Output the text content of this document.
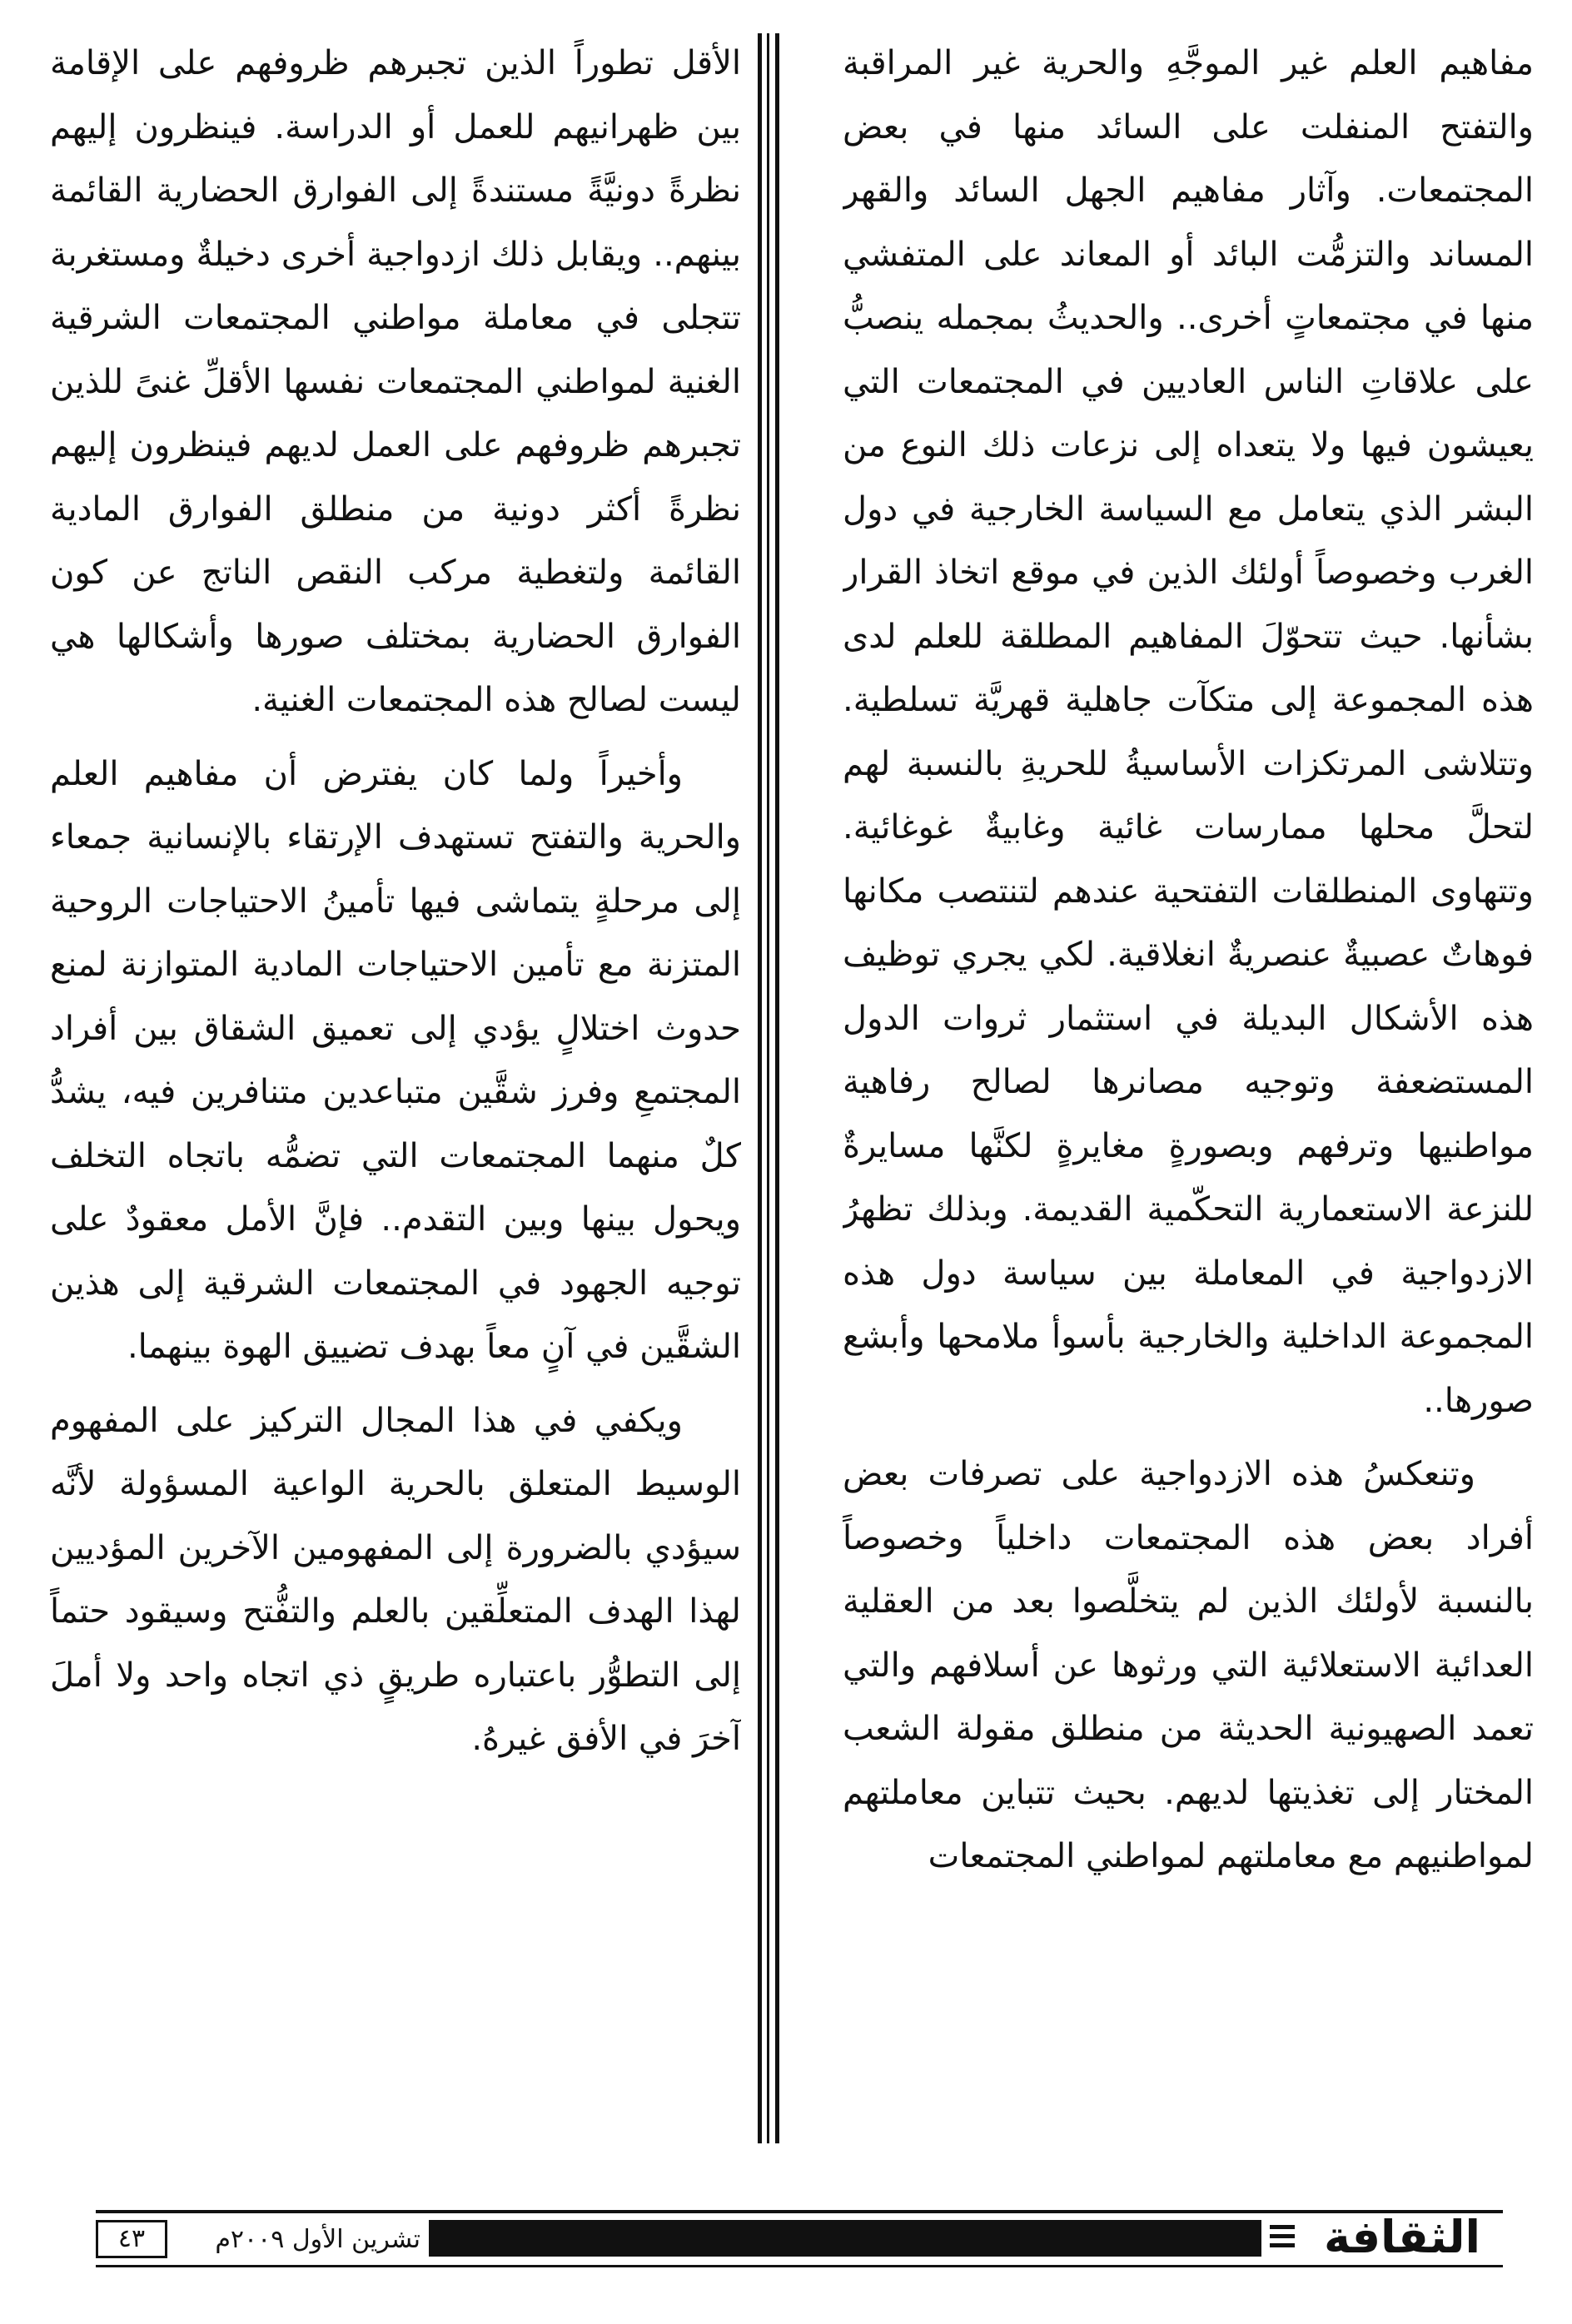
مفاهيم العلم غير الموجَّهِ والحرية غير المراقبة والتفتح المنفلت على السائد منها في بعض المجتمعات. وآثار مفاهيم الجهل السائد والقهر المساند والتزمُّت البائد أو المعاند على المتفشي منها في مجتمعاتٍ أخرى.. والحديثُ بمجمله ينصبُّ على علاقاتِ الناس العاديين في المجتمعات التي يعيشون فيها ولا يتعداه إلى نزعات ذلك النوع من البشر الذي يتعامل مع السياسة الخارجية في دول الغرب وخصوصاً أولئك الذين في موقع اتخاذ القرار بشأنها. حيث تتحوّلَ المفاهيم المطلقة للعلم لدى هذه المجموعة إلى متكآت جاهلية قهريَّة تسلطية. وتتلاشى المرتكزات الأساسيةُ للحريةِ بالنسبة لهم لتحلَّ محلها ممارسات غائية وغابيةٌ غوغائية. وتتهاوى المنطلقات التفتحية عندهم لتنتصب مكانها فوهاتٌ عصبيةٌ عنصريةٌ انغلاقية. لكي يجري توظيف هذه الأشكال البديلة في استثمار ثروات الدول المستضعفة وتوجيه مصانرها لصالح رفاهية مواطنيها وترفهم وبصورةٍ مغايرةٍ لكنَّها مسايرةٌ للنزعة الاستعمارية التحكّمية القديمة. وبذلك تظهرُ الازدواجية في المعاملة بين سياسة دول هذه المجموعة الداخلية والخارجية بأسوأ ملامحها وأبشع صورها..

وتنعكسُ هذه الازدواجية على تصرفات بعض أفراد بعض هذه المجتمعات داخلياً وخصوصاً بالنسبة لأولئك الذين لم يتخلَّصوا بعد من العقلية العدائية الاستعلائية التي ورثوها عن أسلافهم والتي تعمد الصهيونية الحديثة من منطلق مقولة الشعب المختار إلى تغذيتها لديهم. بحيث تتباين معاملتهم لمواطنيهم مع معاملتهم لمواطني المجتمعات

الأقل تطوراً الذين تجبرهم ظروفهم على الإقامة بين ظهرانيهم للعمل أو الدراسة. فينظرون إليهم نظرةً دونيَّةً مستندةً إلى الفوارق الحضارية القائمة بينهم.. ويقابل ذلك ازدواجية أخرى دخيلةٌ ومستغربة تتجلى في معاملة مواطني المجتمعات الشرقية الغنية لمواطني المجتمعات نفسها الأقلِّ غنىً للذين تجبرهم ظروفهم على العمل لديهم فينظرون إليهم نظرةً أكثر دونية من منطلق الفوارق المادية القائمة ولتغطية مركب النقص الناتج عن كون الفوارق الحضارية بمختلف صورها وأشكالها هي ليست لصالح هذه المجتمعات الغنية.

وأخيراً ولما كان يفترض أن مفاهيم العلم والحرية والتفتح تستهدف الإرتقاء بالإنسانية جمعاء إلى مرحلةٍ يتماشى فيها تأمينُ الاحتياجات الروحية المتزنة مع تأمين الاحتياجات المادية المتوازنة لمنع حدوث اختلالٍ يؤدي إلى تعميق الشقاق بين أفراد المجتمعِ وفرز شقَّين متباعدين متنافرين فيه، يشدُّ كلٌ منهما المجتمعات التي تضمُّه باتجاه التخلف ويحول بينها وبين التقدم.. فإنَّ الأمل معقودٌ على توجيه الجهود في المجتمعات الشرقية إلى هذين الشقَّين في آنٍ معاً بهدف تضييق الهوة بينهما.

ويكفي في هذا المجال التركيز على المفهوم الوسيط المتعلق بالحرية الواعية المسؤولة لأنَّه سيؤدي بالضرورة إلى المفهومين الآخرين المؤديين لهذا الهدف المتعلِّقين بالعلم والتفُّتح وسيقود حتماً إلى التطوُّر باعتباره طريقٍ ذي اتجاه واحد ولا أملَ آخرَ في الأفق غيرهُ.

٤٣	تشرين الأول ٢٠٠٩م	الثقافة
